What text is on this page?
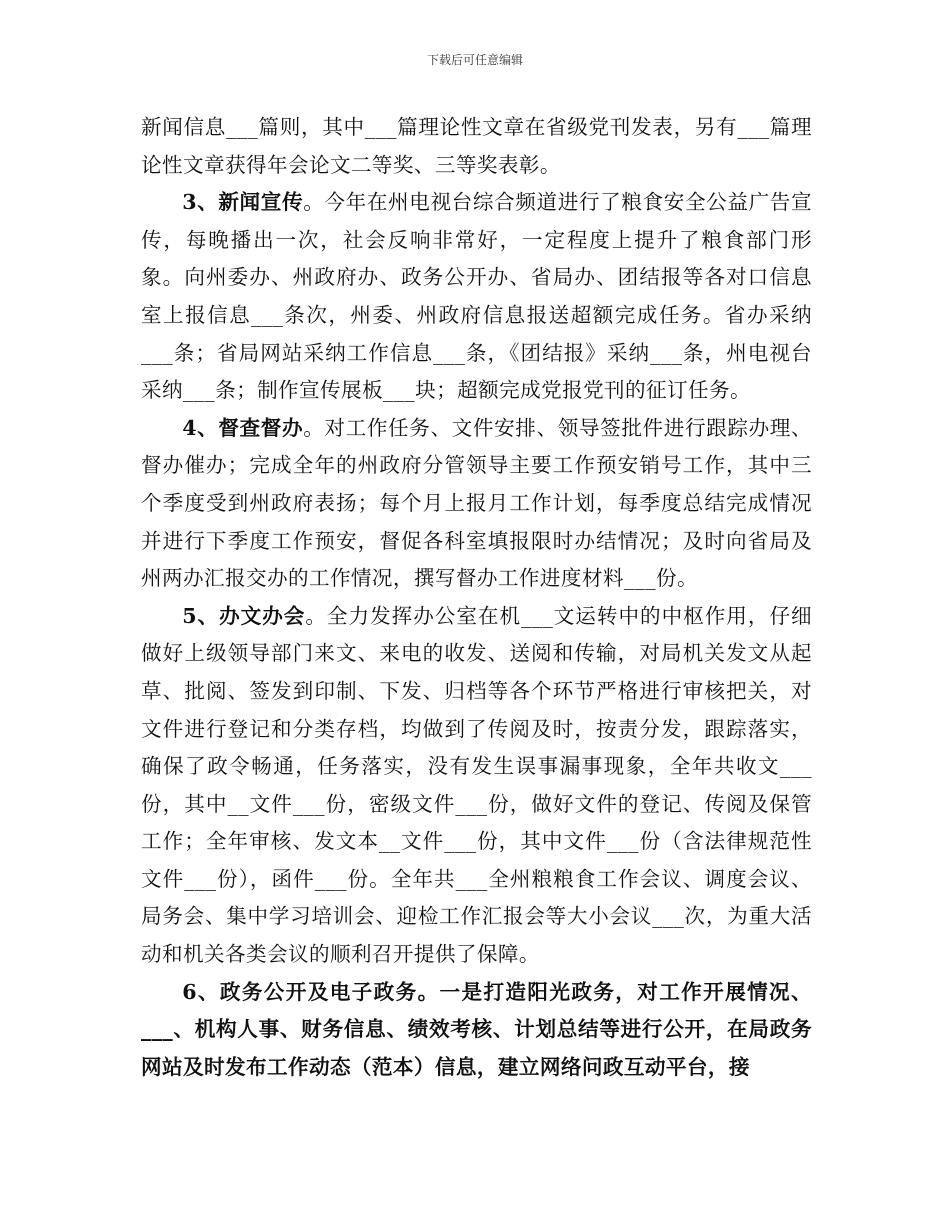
下载后可任意编辑

新闻信息___篇则，其中___篇理论性文章在省级党刊发表，另有___篇理论性文章获得年会论文二等奖、三等奖表彰。

3、新闻宣传。今年在州电视台综合频道进行了粮食安全公益广告宣传，每晚播出一次，社会反响非常好，一定程度上提升了粮食部门形象。向州委办、州政府办、政务公开办、省局办、团结报等各对口信息室上报信息___条次，州委、州政府信息报送超额完成任务。省办采纳___条；省局网站采纳工作信息___条，《团结报》采纳___条，州电视台采纳___条；制作宣传展板___块；超额完成党报党刊的征订任务。

4、督查督办。对工作任务、文件安排、领导签批件进行跟踪办理、督办催办；完成全年的州政府分管领导主要工作预安销号工作，其中三个季度受到州政府表扬；每个月上报月工作计划，每季度总结完成情况并进行下季度工作预安，督促各科室填报限时办结情况；及时向省局及州两办汇报交办的工作情况，撰写督办工作进度材料___份。

5、办文办会。全力发挥办公室在机___文运转中的中枢作用，仔细做好上级领导部门来文、来电的收发、送阅和传输，对局机关发文从起草、批阅、签发到印制、下发、归档等各个环节严格进行审核把关，对文件进行登记和分类存档，均做到了传阅及时，按责分发，跟踪落实，确保了政令畅通，任务落实，没有发生误事漏事现象，全年共收文___份，其中__文件___份，密级文件___份，做好文件的登记、传阅及保管工作；全年审核、发文本__文件___份，其中文件___份（含法律规范性文件___份），函件___份。全年共___全州粮粮食工作会议、调度会议、局务会、集中学习培训会、迎检工作汇报会等大小会议___次，为重大活动和机关各类会议的顺利召开提供了保障。

6、政务公开及电子政务。一是打造阳光政务，对工作开展情况、___、机构人事、财务信息、绩效考核、计划总结等进行公开，在局政务网站及时发布工作动态（范本）信息，建立网络问政互动平台，接
